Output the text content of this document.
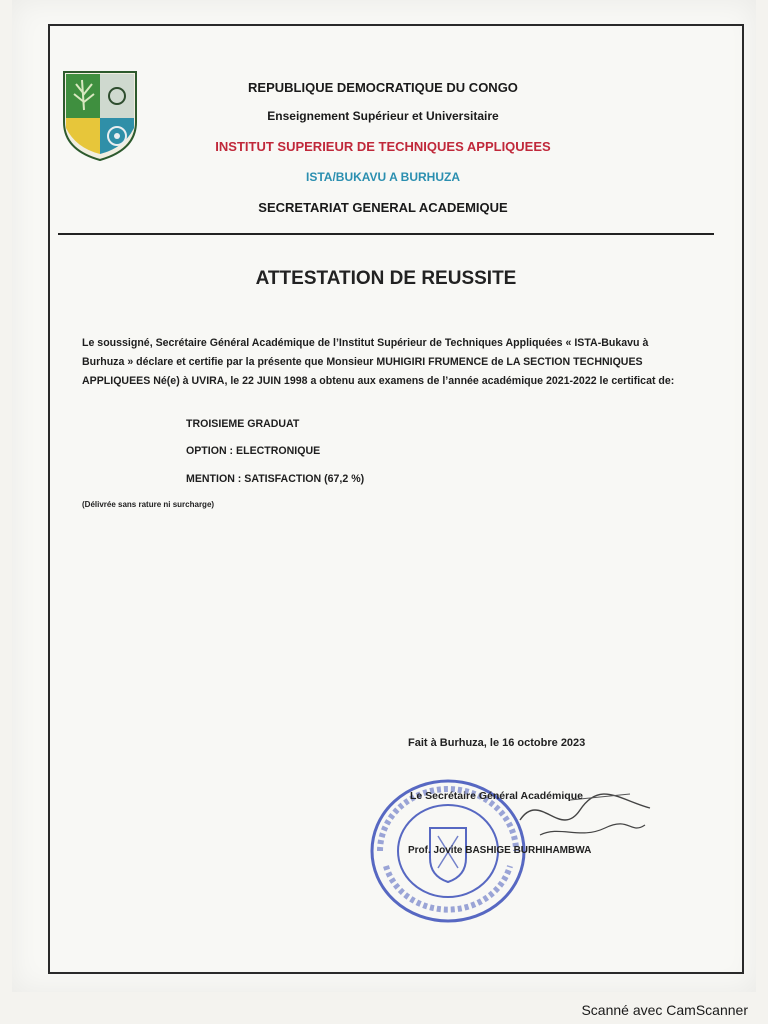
REPUBLIQUE DEMOCRATIQUE DU CONGO
Enseignement Supérieur et Universitaire
INSTITUT SUPERIEUR DE TECHNIQUES APPLIQUEES
ISTA/BUKAVU A BURHUZA
SECRETARIAT GENERAL ACADEMIQUE
ATTESTATION DE REUSSITE
Le soussigné, Secrétaire Général Académique de l’Institut Supérieur de Techniques Appliquées « ISTA-Bukavu à Burhuza » déclare et certifie par la présente que Monsieur MUHIGIRI FRUMENCE de LA SECTION TECHNIQUES APPLIQUEES Né(e) à UVIRA, le 22 JUIN 1998 a obtenu aux examens de l’année académique 2021-2022 le certificat de:
TROISIEME GRADUAT
OPTION : ELECTRONIQUE
MENTION : SATISFACTION (67,2 %)
(Délivrée sans rature ni surcharge)
Fait à Burhuza, le 16 octobre 2023
Le Secrétaire Général Académique
Prof. Jovite BASHIGE BURHIHAMBWA
Scanné avec CamScanner
